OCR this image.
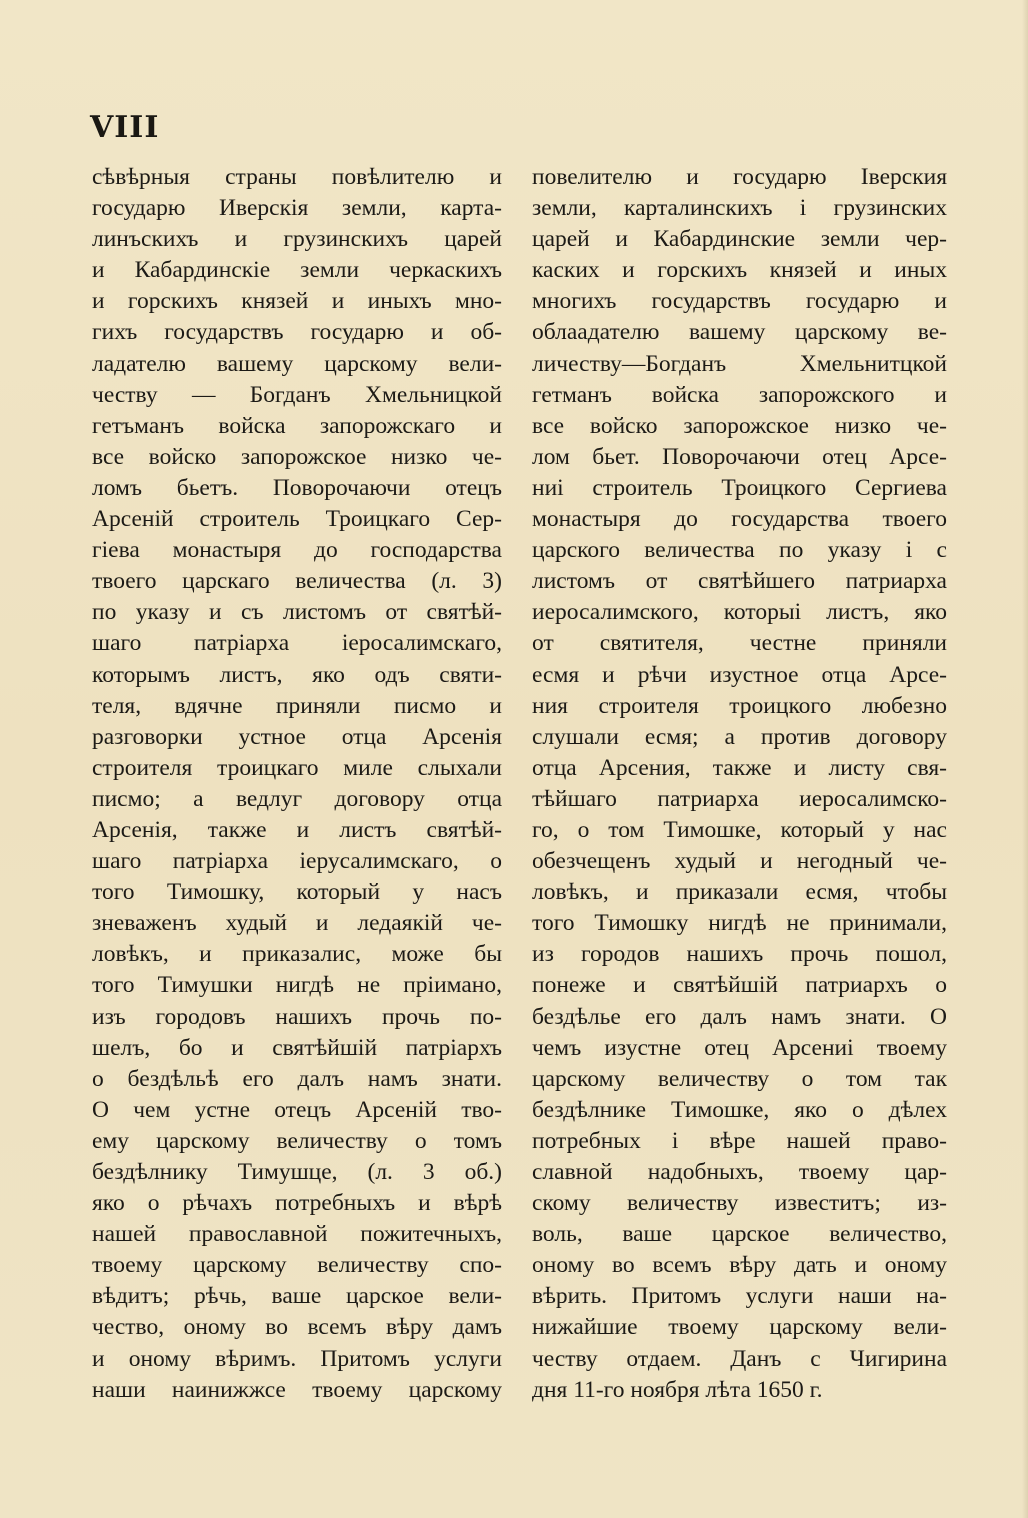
VIII
сѣвѣрныя страны повѣлителю и
государю Иверскія земли, карта-
линъскихъ и грузинскихъ царей
и Кабардинскіе земли черкаскихъ
и горскихъ князей и иныхъ мно-
гихъ государствъ государю и об-
ладателю вашему царскому вели-
честву — Богданъ Хмельницкой
гетъманъ войска запорожскаго и
все войско запорожское низко че-
ломъ бьетъ. Поворочаючи отецъ
Арсеній строитель Троицкаго Сер-
гіева монастыря до господарства
твоего царскаго величества (л. 3)
по указу и съ листомъ от святѣй-
шаго патріарха іеросалимскаго,
которымъ листъ, яко одъ святи-
теля, вдячне приняли писмо и
разговорки устное отца Арсенія
строителя троицкаго миле слыхали
писмо; а ведлуг договору отца
Арсенія, также и листъ святѣй-
шаго патріарха іерусалимскаго, о
того Тимошку, который у насъ
зневаженъ худый и ледаякій че-
ловѣкъ, и приказалис, може бы
того Тимушки нигдѣ не пріимано,
изъ городовъ нашихъ прочь по-
шелъ, бо и святѣйшій патріархъ
о бездѣльѣ его далъ намъ знати.
О чем устне отецъ Арсеній тво-
ему царскому величеству о томъ
бездѣлнику Тимушце, (л. 3 об.)
яко о рѣчахъ потребныхъ и вѣрѣ
нашей православной пожитечныхъ,
твоему царскому величеству спо-
вѣдитъ; рѣчь, ваше царское вели-
чество, оному во всемъ вѣру дамъ
и оному вѣримъ. Притомъ услуги
наши наинижжсе твоему царскому
повелителю и государю Іверския
земли, карталинскихъ і грузинских
царей и Кабардинские земли чер-
каских и горскихъ князей и иных
многихъ государствъ государю и
облаадателю вашему царскому ве-
личеству—Богданъ Хмельнитцкой
гетманъ войска запорожского и
все войско запорожское низко че-
лом бьет. Поворочаючи отец Арсе-
ниі строитель Троицкого Сергиева
монастыря до государства твоего
царского величества по указу і с
листомъ от святѣйшего патриарха
иеросалимского, которыі листъ, яко
от святителя, честне приняли
есмя и рѣчи изустное отца Арсе-
ния строителя троицкого любезно
слушали есмя; а против договору
отца Арсения, также и листу свя-
тѣйшаго патриарха иеросалимско-
го, о том Тимошке, который у нас
обезчещенъ худый и негодный че-
ловѣкъ, и приказали есмя, чтобы
того Тимошку нигдѣ не принимали,
из городов нашихъ прочь пошол,
понеже и святѣйшій патриархъ о
бездѣлье его далъ намъ знати. О
чемъ изустне отец Арсениі твоему
царскому величеству о том так
бездѣлнике Тимошке, яко о дѣлех
потребных і вѣре нашей право-
славной надобныхъ, твоему цар-
скому величеству известитъ; из-
воль, ваше царское величество,
оному во всемъ вѣру дать и оному
вѣрить. Притомъ услуги наши на-
нижайшие твоему царскому вели-
честву отдаем. Данъ с Чигирина
дня 11-го ноября лѣта 1650 г.
